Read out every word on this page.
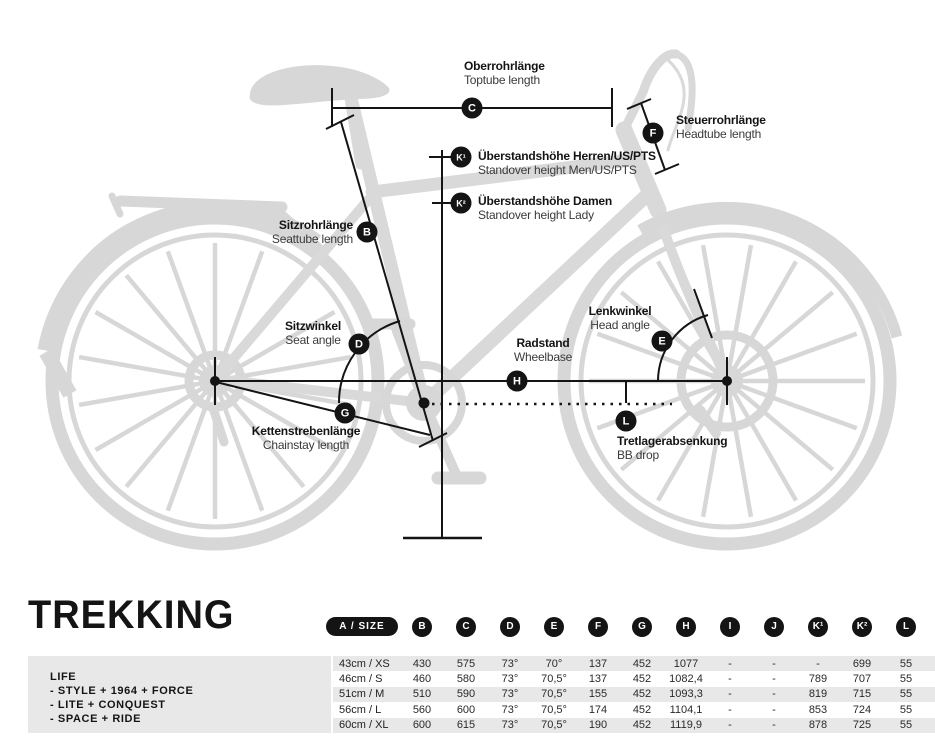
C
F
K¹
K²
B
D	E
G
H
L
Oberrohrlänge
Toptube length
Steuerrohrlänge
Headtube length
Überstandshöhe Herren/US/PTS
Standover height Men/US/PTS
Überstandshöhe Damen
Standover height Lady
Sitzrohrlänge
Seattube length
Sitzwinkel
Seat angle
Lenkwinkel
Head angle
Radstand
Wheelbase
Kettenstrebenlänge
Chainstay length	Tretlagerabsenkung
BB drop
TREKKING
LIFE
- STYLE + 1964 + FORCE
- LITE + CONQUEST
- SPACE + RIDE
A / SIZE	B	C	D	E	F	G	H	I	J	K¹	K²	L
43cm / XS	430	575	73°	70°	137	452	1077	-	-	-	699	55
46cm / S	460	580	73°	70,5°	137	452	1082,4	-	-	789	707	55
51cm / M	510	590	73°	70,5°	155	452	1093,3	-	-	819	715	55
56cm / L	560	600	73°	70,5°	174	452	1104,1	-	-	853	724	55
60cm / XL	600	615	73°	70,5°	190	452	1119,9	-	-	878	725	55
